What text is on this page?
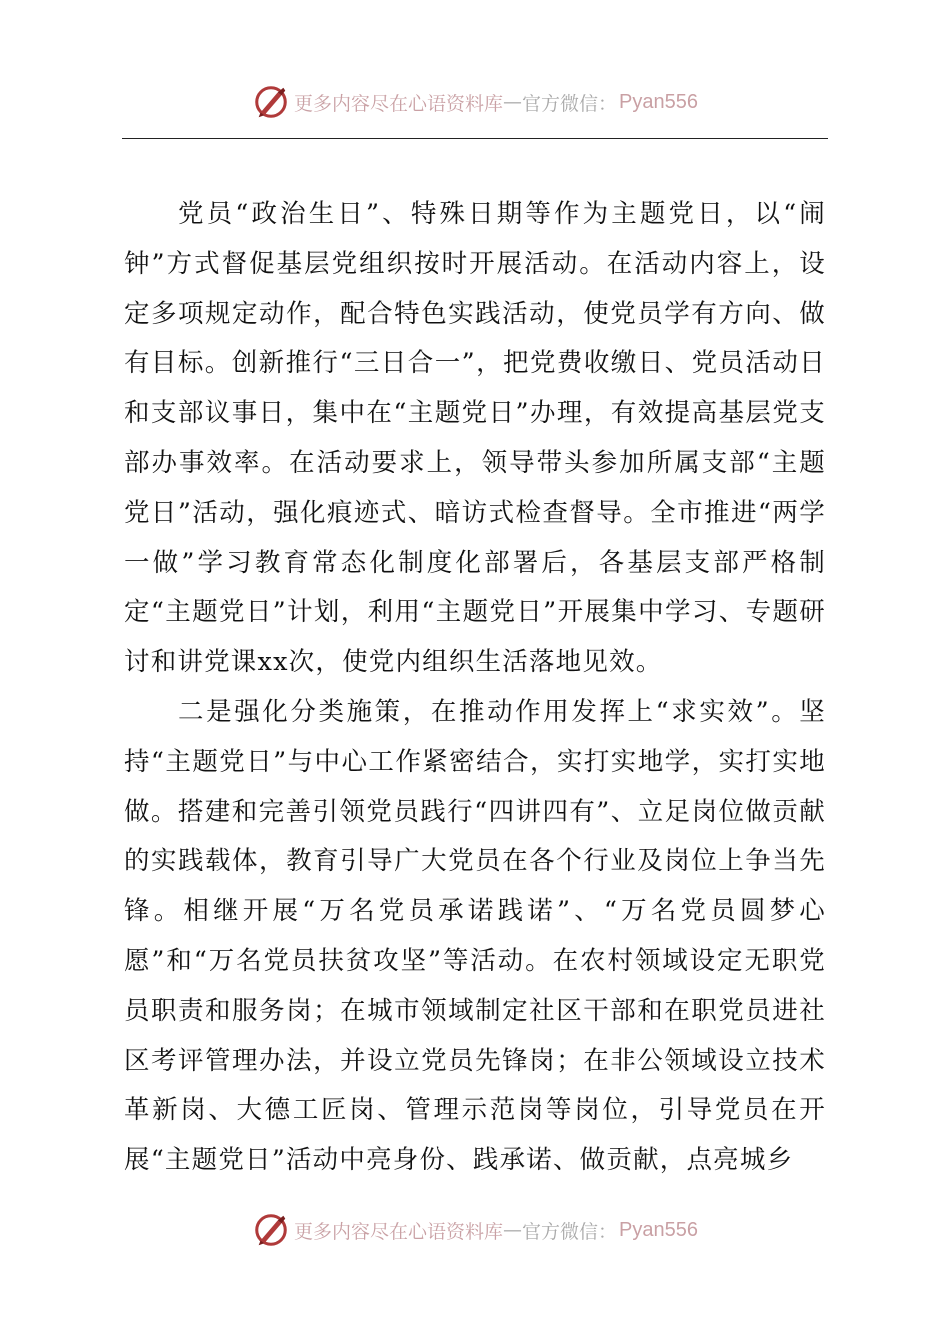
更多内容尽在心语资料库 — 官方微信： Pyan556

党员“政治生日”、特殊日期等作为主题党日，以“闹钟”方式督促基层党组织按时开展活动。在活动内容上，设定多项规定动作，配合特色实践活动，使党员学有方向、做有目标。创新推行“三日合一”，把党费收缴日、党员活动日和支部议事日，集中在“主题党日”办理，有效提高基层党支部办事效率。在活动要求上，领导带头参加所属支部“主题党日”活动，强化痕迹式、暗访式检查督导。全市推进“两学一做”学习教育常态化制度化部署后，各基层支部严格制定“主题党日”计划，利用“主题党日”开展集中学习、专题研讨和讲党课xx次，使党内组织生活落地见效。

二是强化分类施策，在推动作用发挥上“求实效”。坚持“主题党日”与中心工作紧密结合，实打实地学，实打实地做。搭建和完善引领党员践行“四讲四有”、立足岗位做贡献的实践载体，教育引导广大党员在各个行业及岗位上争当先锋。相继开展“万名党员承诺践诺”、“万名党员圆梦心愿”和“万名党员扶贫攻坚”等活动。在农村领域设定无职党员职责和服务岗；在城市领域制定社区干部和在职党员进社区考评管理办法，并设立党员先锋岗；在非公领域设立技术革新岗、大德工匠岗、管理示范岗等岗位，引导党员在开展“主题党日”活动中亮身份、践承诺、做贡献，点亮城乡

更多内容尽在心语资料库 — 官方微信： Pyan556
